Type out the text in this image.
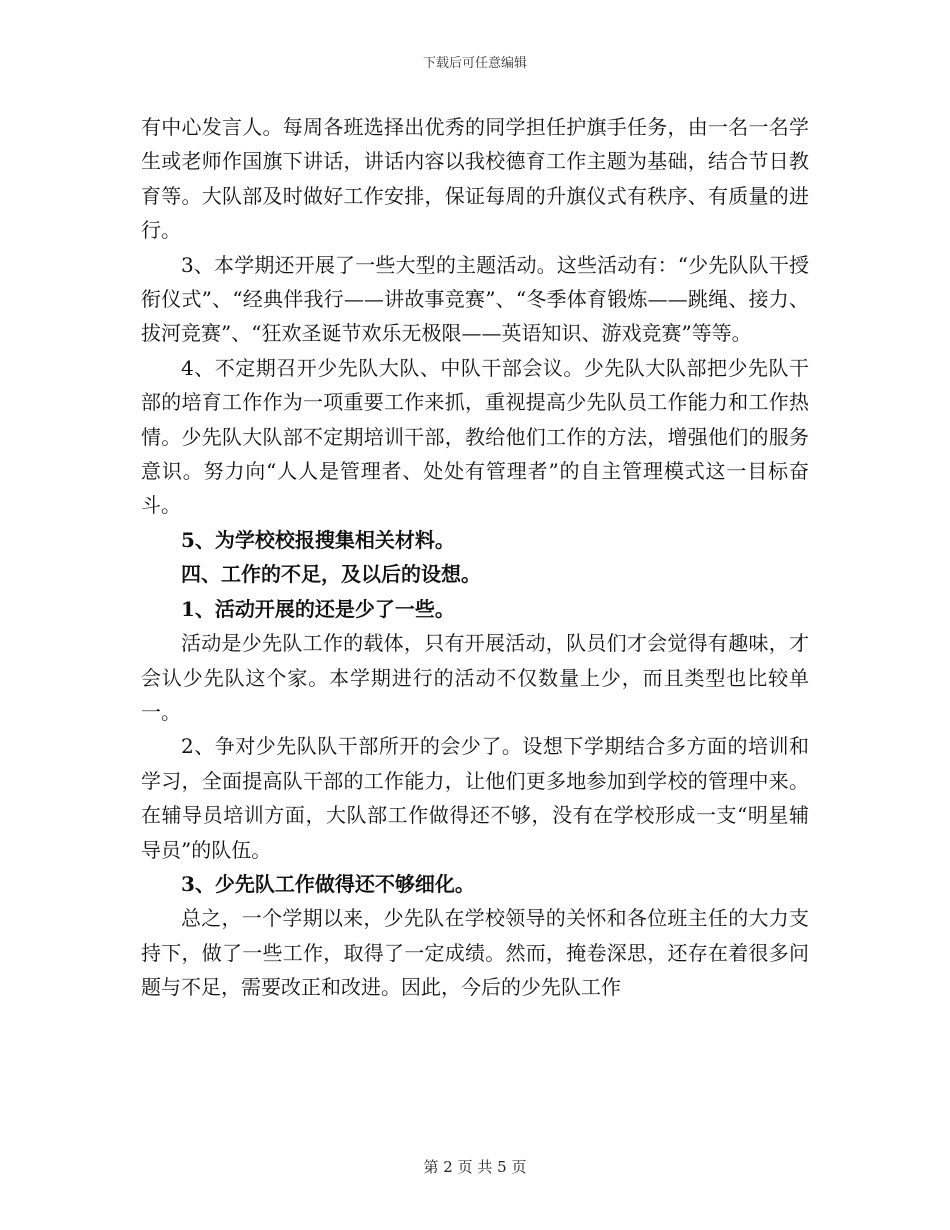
下载后可任意编辑

有中心发言人。每周各班选择出优秀的同学担任护旗手任务，由一名一名学生或老师作国旗下讲话，讲话内容以我校德育工作主题为基础，结合节日教育等。大队部及时做好工作安排，保证每周的升旗仪式有秩序、有质量的进行。

3、本学期还开展了一些大型的主题活动。这些活动有：“少先队队干授衔仪式”、“经典伴我行——讲故事竞赛”、“冬季体育锻炼——跳绳、接力、拔河竞赛”、“狂欢圣诞节欢乐无极限——英语知识、游戏竞赛”等等。

4、不定期召开少先队大队、中队干部会议。少先队大队部把少先队干部的培育工作作为一项重要工作来抓，重视提高少先队员工作能力和工作热情。少先队大队部不定期培训干部，教给他们工作的方法，增强他们的服务意识。努力向“人人是管理者、处处有管理者”的自主管理模式这一目标奋斗。

5、为学校校报搜集相关材料。

四、工作的不足，及以后的设想。

1、活动开展的还是少了一些。

活动是少先队工作的载体，只有开展活动，队员们才会觉得有趣味，才会认少先队这个家。本学期进行的活动不仅数量上少，而且类型也比较单一。

2、争对少先队队干部所开的会少了。设想下学期结合多方面的培训和学习，全面提高队干部的工作能力，让他们更多地参加到学校的管理中来。在辅导员培训方面，大队部工作做得还不够，没有在学校形成一支“明星辅导员”的队伍。

3、少先队工作做得还不够细化。

总之，一个学期以来，少先队在学校领导的关怀和各位班主任的大力支持下，做了一些工作，取得了一定成绩。然而，掩卷深思，还存在着很多问题与不足，需要改正和改进。因此，今后的少先队工作

第 2 页 共 5 页
